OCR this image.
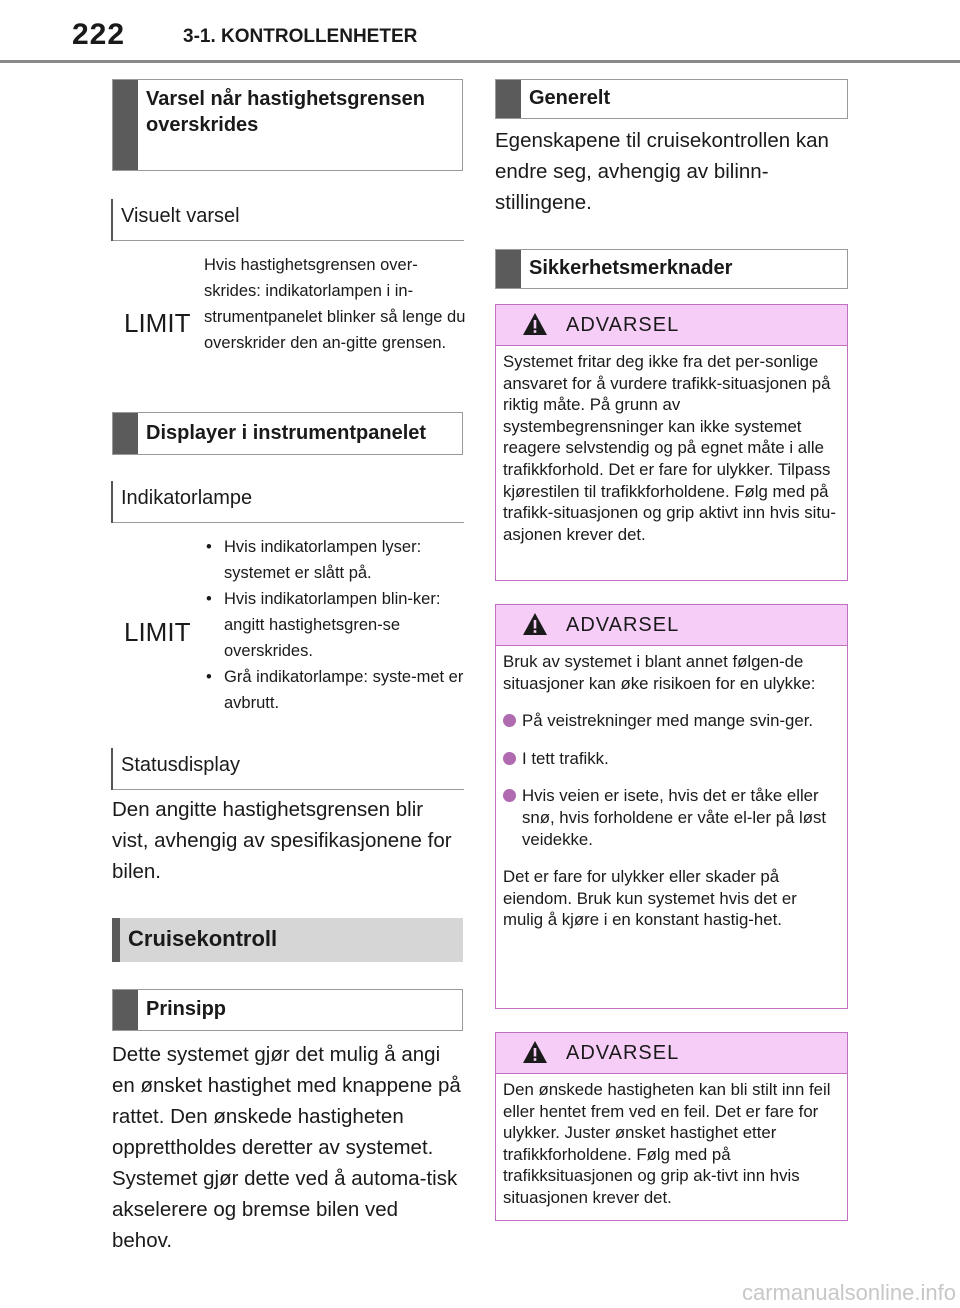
222	3-1. KONTROLLENHETER
Varsel når hastighetsgrensen overskrides
Visuelt varsel
LIMIT
Hvis hastighetsgrensen over-skrides: indikatorlampen i in-strumentpanelet blinker så lenge du overskrider den an-gitte grensen.
Displayer i instrumentpanelet
Indikatorlampe
LIMIT
• Hvis indikatorlampen lyser: systemet er slått på.
• Hvis indikatorlampen blin-ker: angitt hastighetsgren-se overskrides.
• Grå indikatorlampe: syste-met er avbrutt.
Statusdisplay
Den angitte hastighetsgrensen blir vist, avhengig av spesifikasjonene for bilen.
Cruisekontroll
Prinsipp
Dette systemet gjør det mulig å angi en ønsket hastighet med knappene på rattet. Den ønskede hastigheten opprettholdes deretter av systemet. Systemet gjør dette ved å automa-tisk akselerere og bremse bilen ved behov.
Generelt
Egenskapene til cruisekontrollen kan endre seg, avhengig av bilinn-stillingene.
Sikkerhetsmerknader
ADVARSEL
Systemet fritar deg ikke fra det per-sonlige ansvaret for å vurdere trafikk-situasjonen på riktig måte. På grunn av systembegrensninger kan ikke systemet reagere selvstendig og på egnet måte i alle trafikkforhold. Det er fare for ulykker. Tilpass kjørestilen til trafikkforholdene. Følg med på trafikk-situasjonen og grip aktivt inn hvis situ-asjonen krever det.
ADVARSEL
Bruk av systemet i blant annet følgen-de situasjoner kan øke risikoen for en ulykke:
På veistrekninger med mange svin-ger.
I tett trafikk.
Hvis veien er isete, hvis det er tåke eller snø, hvis forholdene er våte el-ler på løst veidekke.
Det er fare for ulykker eller skader på eiendom. Bruk kun systemet hvis det er mulig å kjøre i en konstant hastig-het.
ADVARSEL
Den ønskede hastigheten kan bli stilt inn feil eller hentet frem ved en feil. Det er fare for ulykker. Juster ønsket hastighet etter trafikkforholdene. Følg med på trafikksituasjonen og grip ak-tivt inn hvis situasjonen krever det.
carmanualsonline.info
